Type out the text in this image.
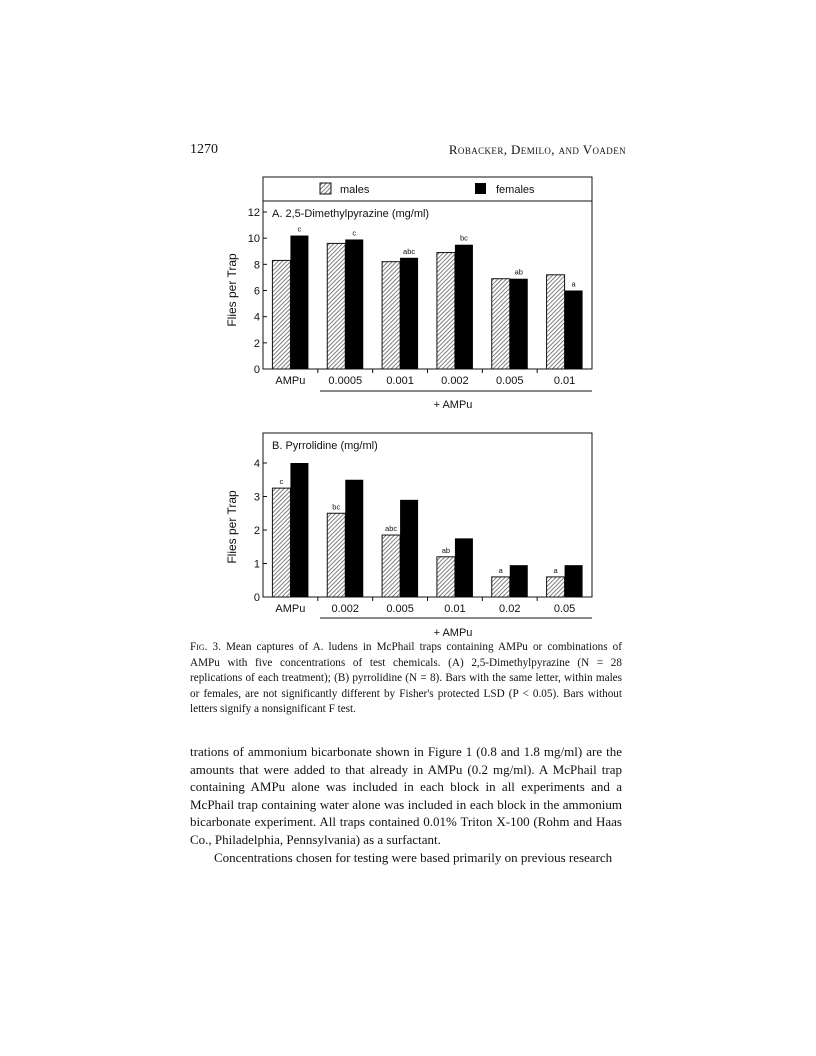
1270	Robacker, Demilo, and Voaden
males	females
A. 2,5-Dimethylpyrazine (mg/ml)
Flies per Trap
0
2
4
6
8
10
12
c	c
abc
bc
ab
a
AMPu 0.0005 0.001 0.002 0.005	0.01
+ AMPu
B. Pyrrolidine (mg/ml)
Flies per Trap
0
1
2
3
4
c
bc
abc
ab
a	a
AMPu 0.002 0.005	0.01	0.02	0.05
+ AMPu
Fig. 3. Mean captures of A. ludens in McPhail traps containing AMPu or combinations of AMPu with five concentrations of test chemicals. (A) 2,5-Dimethylpyrazine (N = 28 replications of each treatment); (B) pyrrolidine (N = 8). Bars with the same letter, within males or females, are not significantly different by Fisher's protected LSD (P < 0.05). Bars without letters signify a nonsignificant F test.

trations of ammonium bicarbonate shown in Figure 1 (0.8 and 1.8 mg/ml) are the amounts that were added to that already in AMPu (0.2 mg/ml). A McPhail trap containing AMPu alone was included in each block in all experiments and a McPhail trap containing water alone was included in each block in the ammonium bicarbonate experiment. All traps contained 0.01% Triton X-100 (Rohm and Haas Co., Philadelphia, Pennsylvania) as a surfactant.

Concentrations chosen for testing were based primarily on previous research
